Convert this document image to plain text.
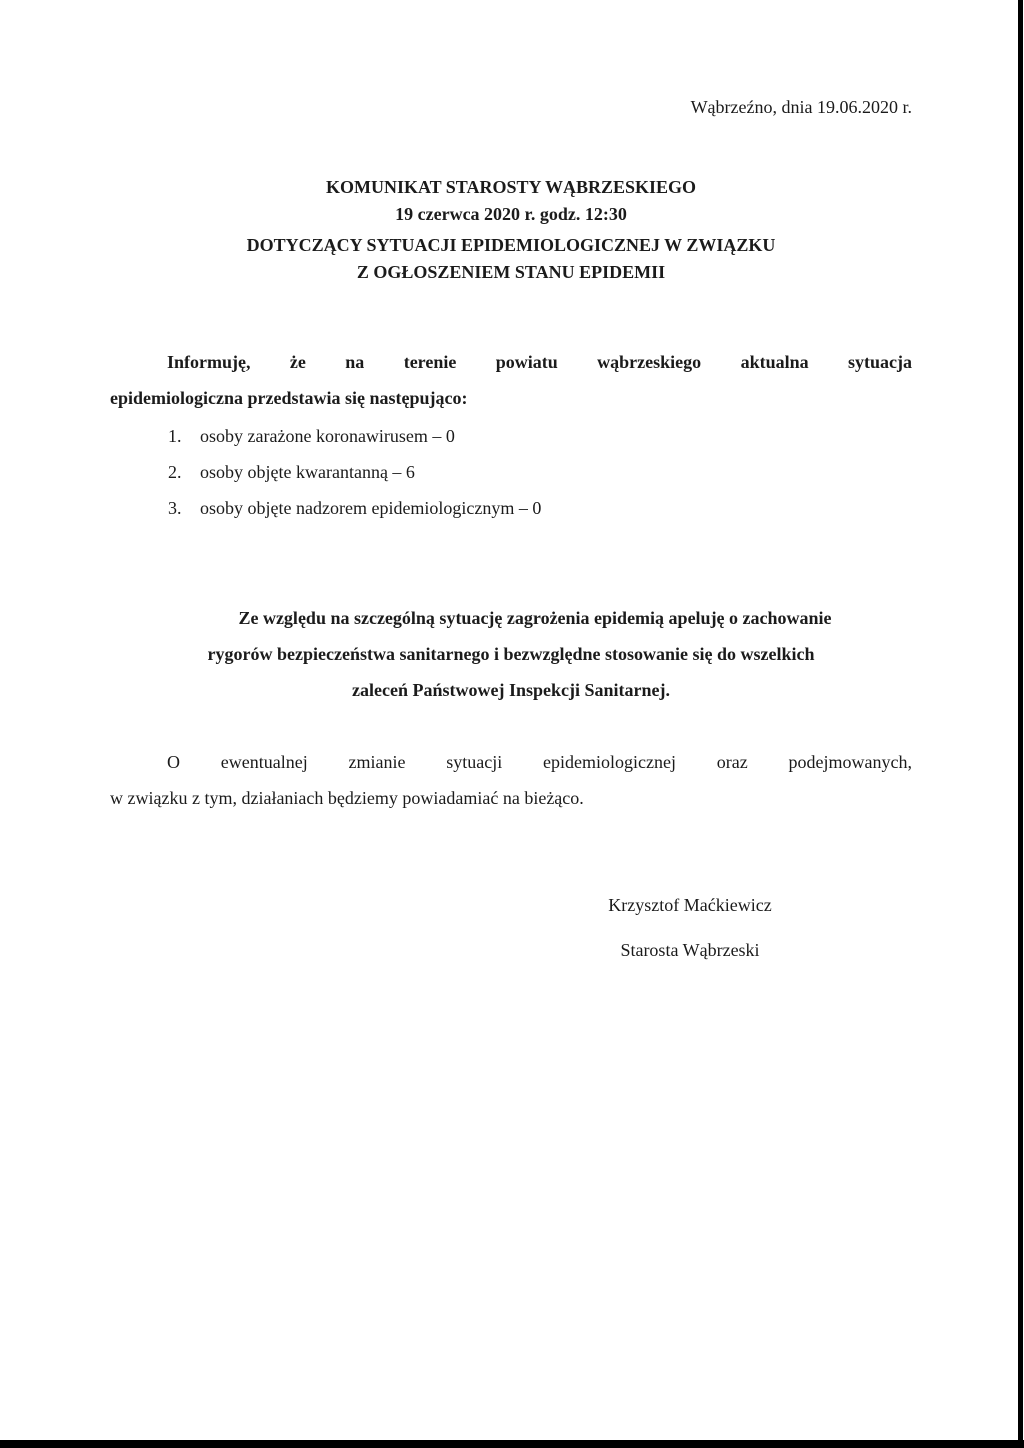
Wąbrzeźno, dnia 19.06.2020 r.
KOMUNIKAT STAROSTY WĄBRZESKIEGO
19 czerwca 2020 r. godz. 12:30
DOTYCZĄCY SYTUACJI EPIDEMIOLOGICZNEJ W ZWIĄZKU
Z OGŁOSZENIEM STANU EPIDEMII
Informuję, że na terenie powiatu wąbrzeskiego aktualna sytuacja
epidemiologiczna przedstawia się następująco:
1.	osoby zarażone koronawirusem – 0
2.	osoby objęte kwarantanną – 6
3.	osoby objęte nadzorem epidemiologicznym – 0
Ze względu na szczególną sytuację zagrożenia epidemią apeluję o zachowanie
rygorów bezpieczeństwa sanitarnego i bezwzględne stosowanie się do wszelkich
zaleceń Państwowej Inspekcji Sanitarnej.
O ewentualnej zmianie sytuacji epidemiologicznej oraz podejmowanych,
w związku z tym, działaniach będziemy powiadamiać na bieżąco.
Krzysztof Maćkiewicz
Starosta Wąbrzeski
